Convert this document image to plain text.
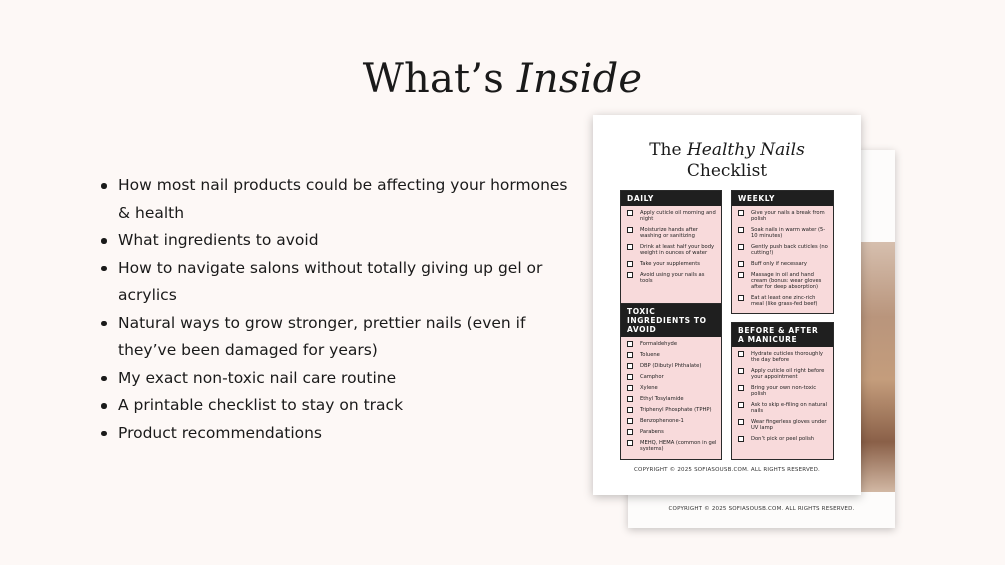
What’s Inside
How most nail products could be affecting your hormones & health
What ingredients to avoid
How to navigate salons without totally giving up gel or acrylics
Natural ways to grow stronger, prettier nails (even if they’ve been damaged for years)
My exact non-toxic nail care routine
A printable checklist to stay on track
Product recommendations
COPYRIGHT © 2025 SOFIASOUSB.COM. ALL RIGHTS RESERVED.
The Healthy Nails
Checklist
DAILY
Apply cuticle oil morning and night
Moisturize hands after washing or sanitizing
Drink at least half your body weight in ounces of water
Take your supplements
Avoid using your nails as tools
WEEKLY
Give your nails a break from polish
Soak nails in warm water (5-10 minutes)
Gently push back cuticles (no cutting!)
Buff only if necessary
Massage in oil and hand cream (bonus: wear gloves after for deep absorption)
Eat at least one zinc-rich meal (like grass-fed beef)
TOXIC INGREDIENTS TO AVOID
Formaldehyde
Toluene
DBP (Dibutyl Phthalate)
Camphor
Xylene
Ethyl Tosylamide
Triphenyl Phosphate (TPHP)
Benzophenone-1
Parabens
MEHQ, HEMA (common in gel systems)
BEFORE & AFTER A MANICURE
Hydrate cuticles thoroughly the day before
Apply cuticle oil right before your appointment
Bring your own non-toxic polish
Ask to skip e-filing on natural nails
Wear fingerless gloves under UV lamp
Don’t pick or peel polish
COPYRIGHT © 2025 SOFIASOUSB.COM. ALL RIGHTS RESERVED.
